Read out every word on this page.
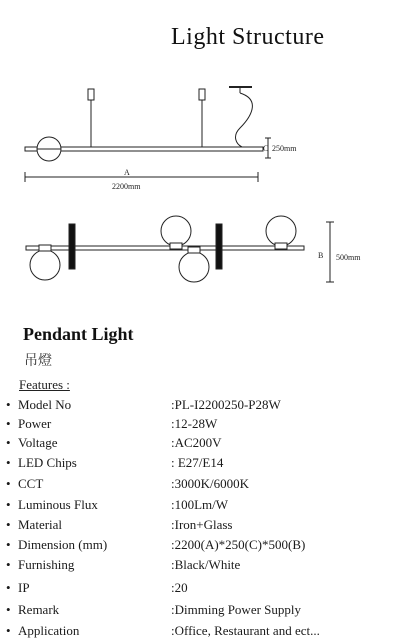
Light Structure
C 250mm
A
2200mm
B 500mm
Pendant Light
吊燈
Features :
• Model No	:PL-I2200250-P28W
• Power	:12-28W
• Voltage	:AC200V
• LED Chips	: E27/E14
• CCT	:3000K/6000K
• Luminous Flux	:100Lm/W
• Material	:Iron+Glass
• Dimension (mm)	:2200(A)*250(C)*500(B)
• Furnishing	:Black/White
• IP	:20
• Remark	:Dimming Power Supply
• Application	:Office, Restaurant and ect...
